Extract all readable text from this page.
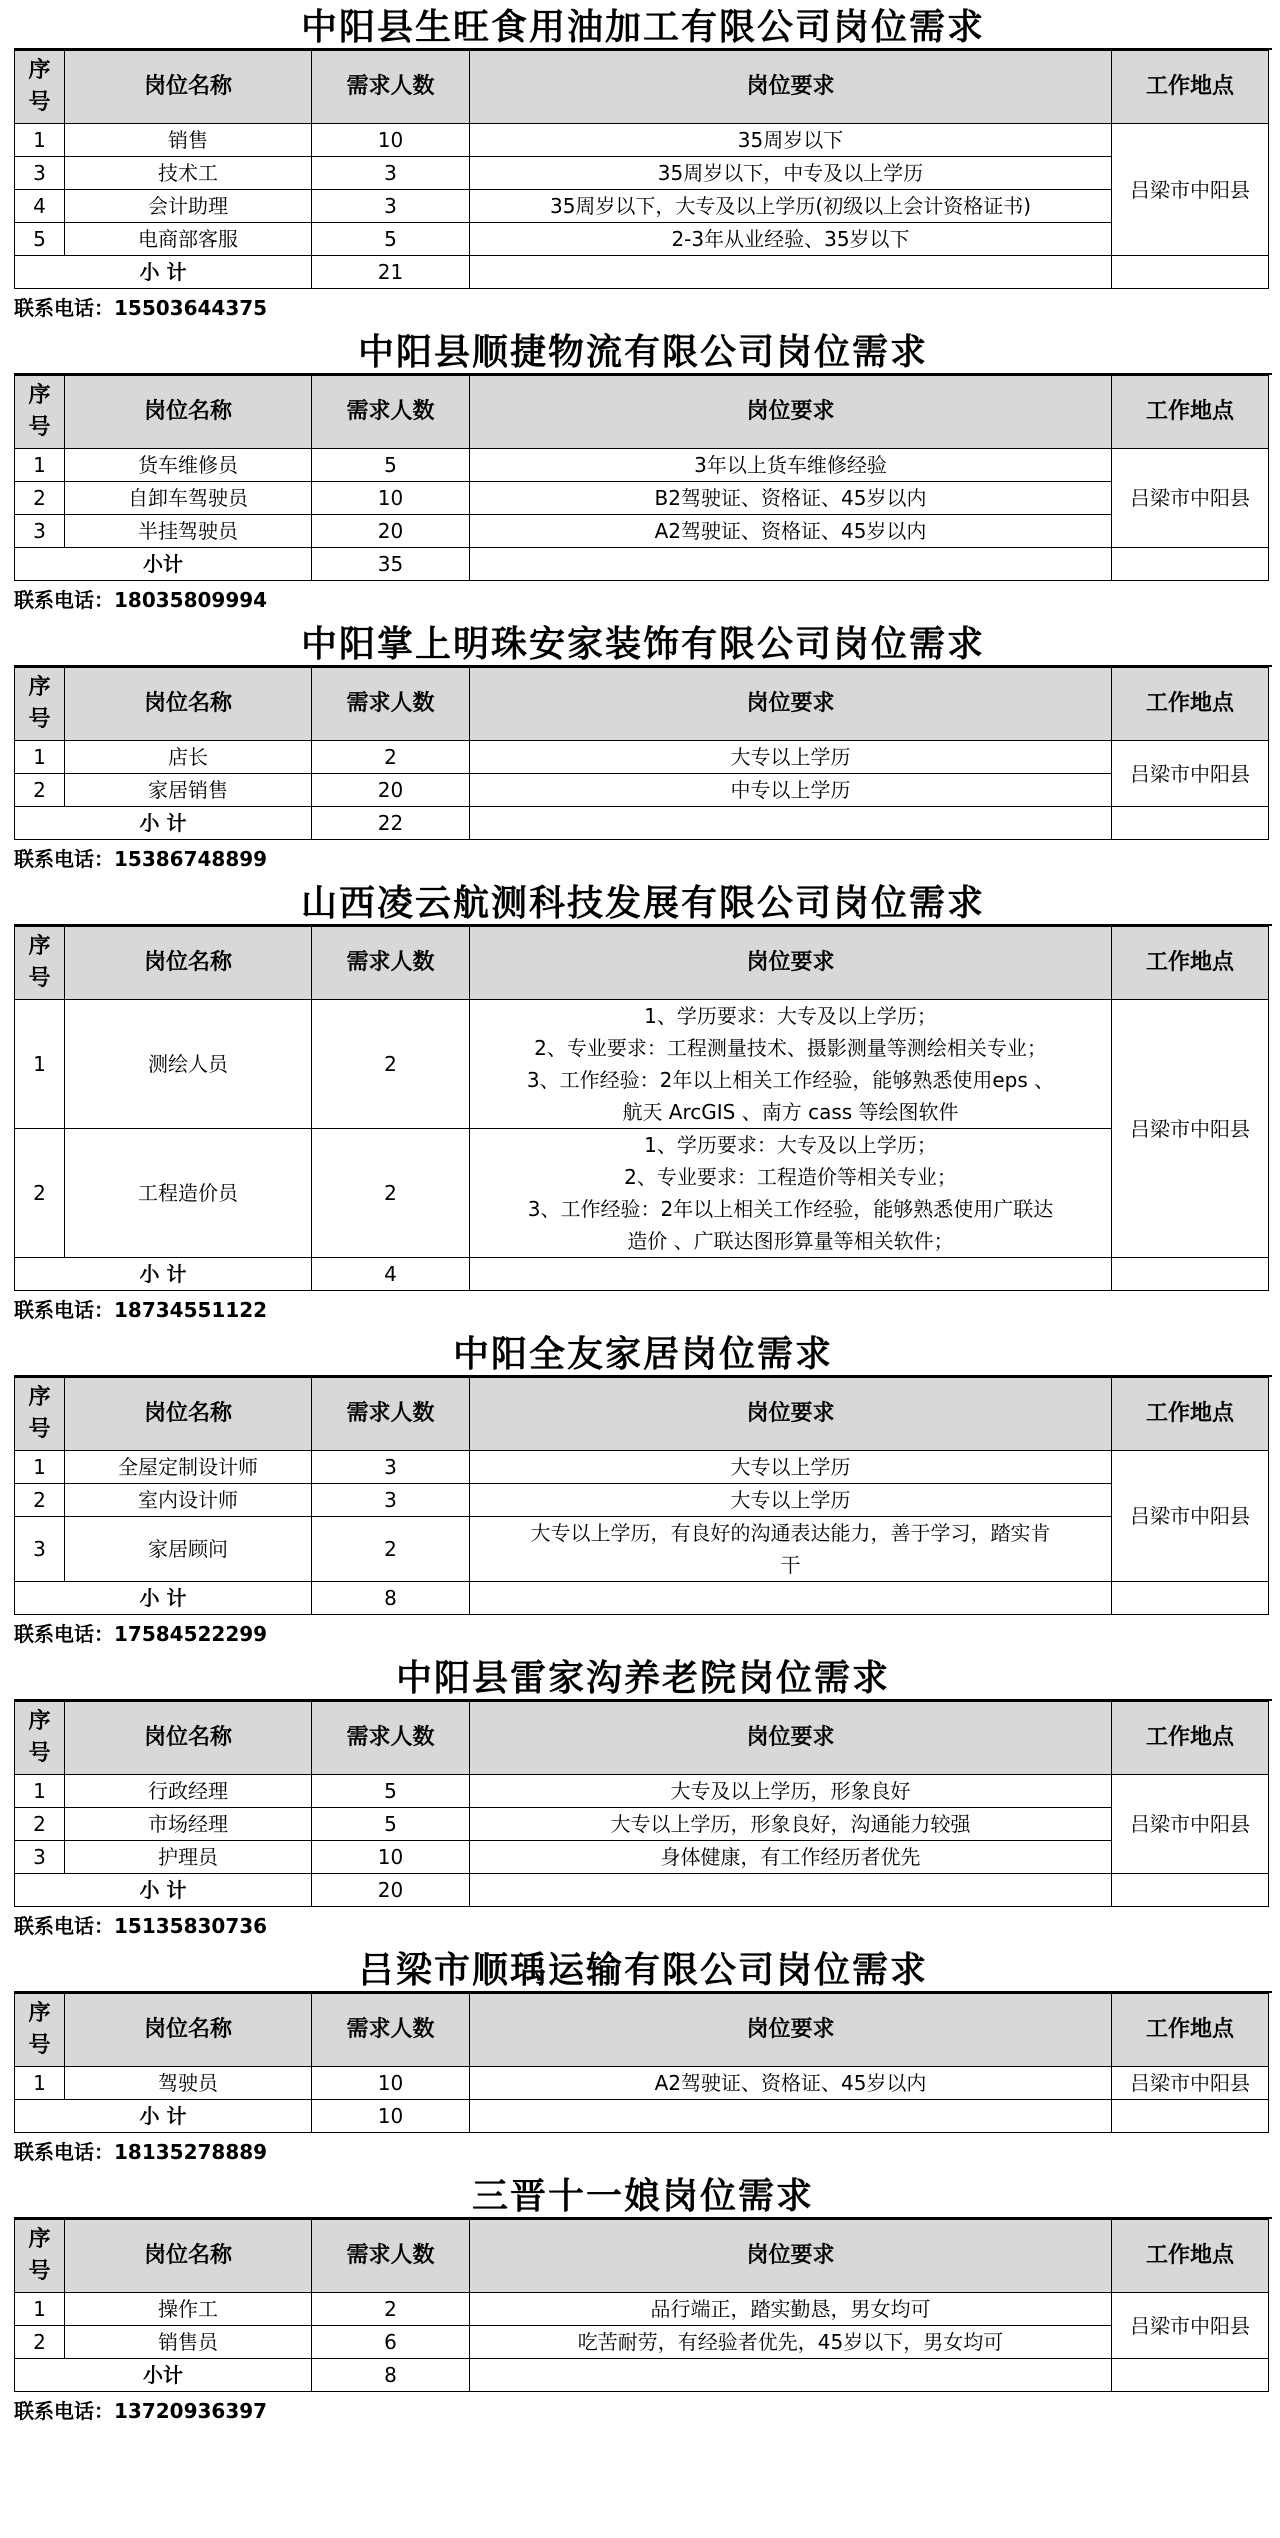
中阳县生旺食用油加工有限公司岗位需求
序
号	岗位名称	需求人数	岗位要求	工作地点
1	销售	10	35周岁以下	吕梁市中阳县
3	技术工	3	35周岁以下，中专及以上学历	

4	会计助理	3	35周岁以下，大专及以上学历(初级以上会计资格证书)	

5	电商部客服	5	2-3年从业经验、35岁以下	

小 计		21		
联系电话：15503644375
中阳县顺捷物流有限公司岗位需求
序
号	岗位名称	需求人数	岗位要求	工作地点
1	货车维修员	5	3年以上货车维修经验	吕梁市中阳县
2	自卸车驾驶员	10	B2驾驶证、资格证、45岁以内	

3	半挂驾驶员	20	A2驾驶证、资格证、45岁以内	

小计		35		
联系电话：18035809994
中阳掌上明珠安家装饰有限公司岗位需求
序
号	岗位名称	需求人数	岗位要求	工作地点
1	店长	2	大专以上学历	吕梁市中阳县
2	家居销售	20	中专以上学历	

小 计		22		
联系电话：15386748899
山西凌云航测科技发展有限公司岗位需求
序
号	岗位名称	需求人数	岗位要求	工作地点
1	测绘人员	2	1、学历要求：大专及以上学历；
2、专业要求：工程测量技术、摄影测量等测绘相关专业；
3、工作经验：2年以上相关工作经验，能够熟悉使用eps 、
航天 ArcGIS 、南方 cass 等绘图软件	吕梁市中阳县
2	工程造价员	2	1、学历要求：大专及以上学历；
2、专业要求：工程造价等相关专业；
3、工作经验：2年以上相关工作经验，能够熟悉使用广联达
造价 、广联达图形算量等相关软件；	

小 计		4		
联系电话：18734551122
中阳全友家居岗位需求
序
号	岗位名称	需求人数	岗位要求	工作地点
1	全屋定制设计师	3	大专以上学历	吕梁市中阳县
2	室内设计师	3	大专以上学历	

3	家居顾问	2	大专以上学历，有良好的沟通表达能力，善于学习，踏实肯
干	

小 计		8		
联系电话：17584522299
中阳县雷家沟养老院岗位需求
序
号	岗位名称	需求人数	岗位要求	工作地点
1	行政经理	5	大专及以上学历，形象良好	吕梁市中阳县
2	市场经理	5	大专以上学历，形象良好，沟通能力较强	

3	护理员	10	身体健康，有工作经历者优先	

小 计		20		
联系电话：15135830736
吕梁市顺瑀运输有限公司岗位需求
序
号	岗位名称	需求人数	岗位要求	工作地点
1	驾驶员	10	A2驾驶证、资格证、45岁以内	吕梁市中阳县
小 计		10		
联系电话：18135278889
三晋十一娘岗位需求
序
号	岗位名称	需求人数	岗位要求	工作地点
1	操作工	2	品行端正，踏实勤恳，男女均可	吕梁市中阳县
2	销售员	6	吃苦耐劳，有经验者优先，45岁以下，男女均可	

小计		8		
联系电话：13720936397
